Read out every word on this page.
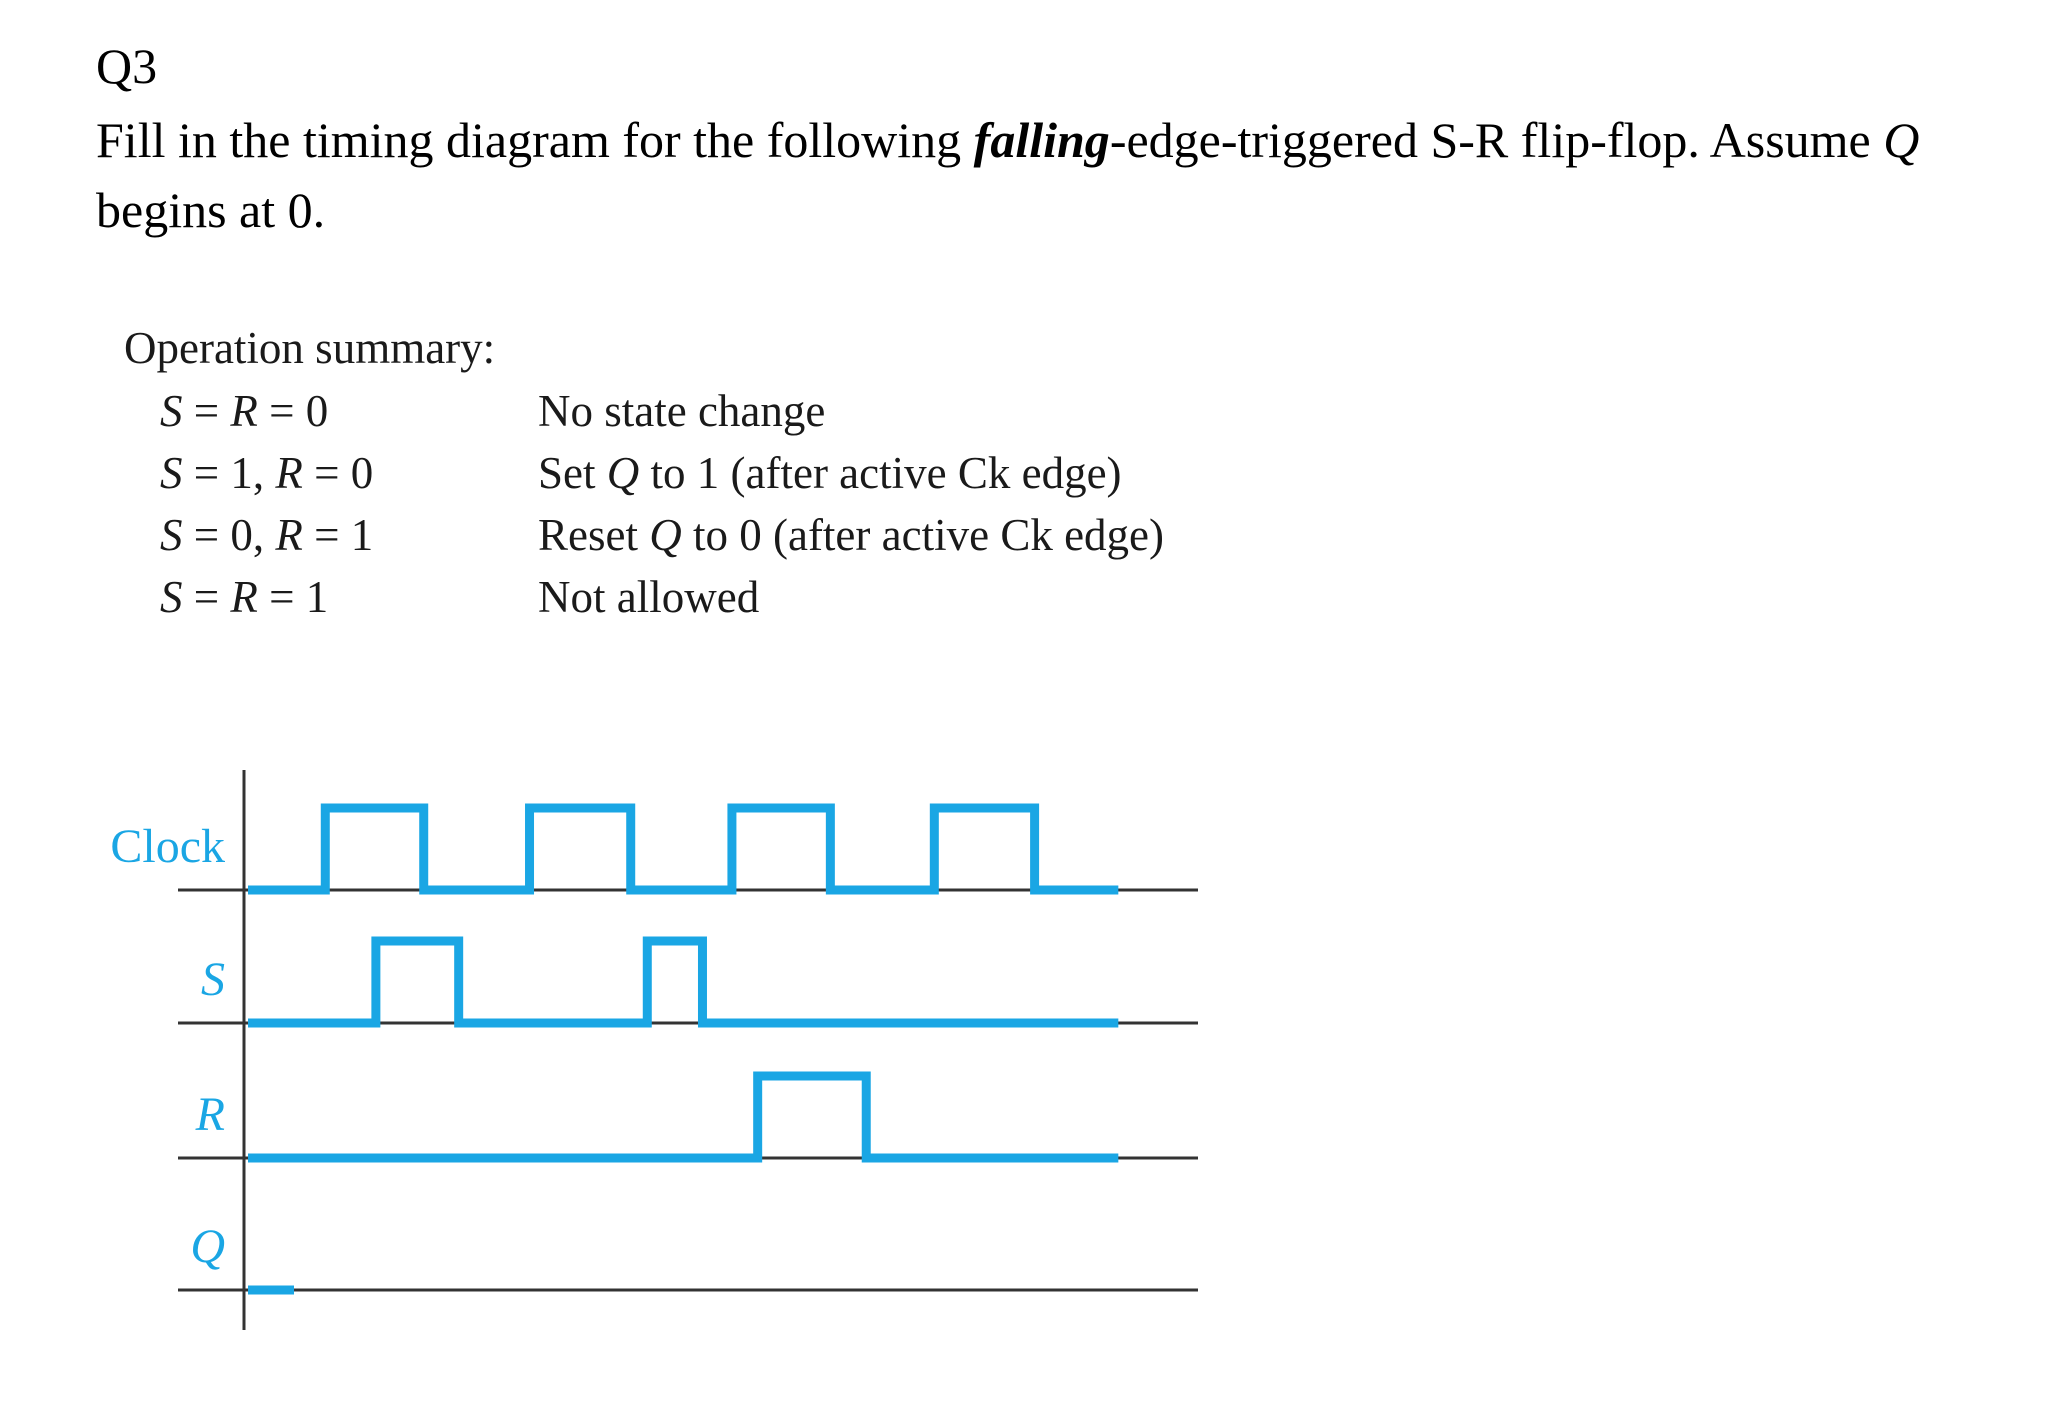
Q3
Fill in the timing diagram for the following falling-edge-triggered S-R flip-flop. Assume Q begins at 0.
Operation summary:
S = R = 0	No state change
S = 1, R = 0	Set Q to 1 (after active Ck edge)
S = 0, R = 1	Reset Q to 0 (after active Ck edge)
S = R = 1	Not allowed
Clock
S
R
Q
